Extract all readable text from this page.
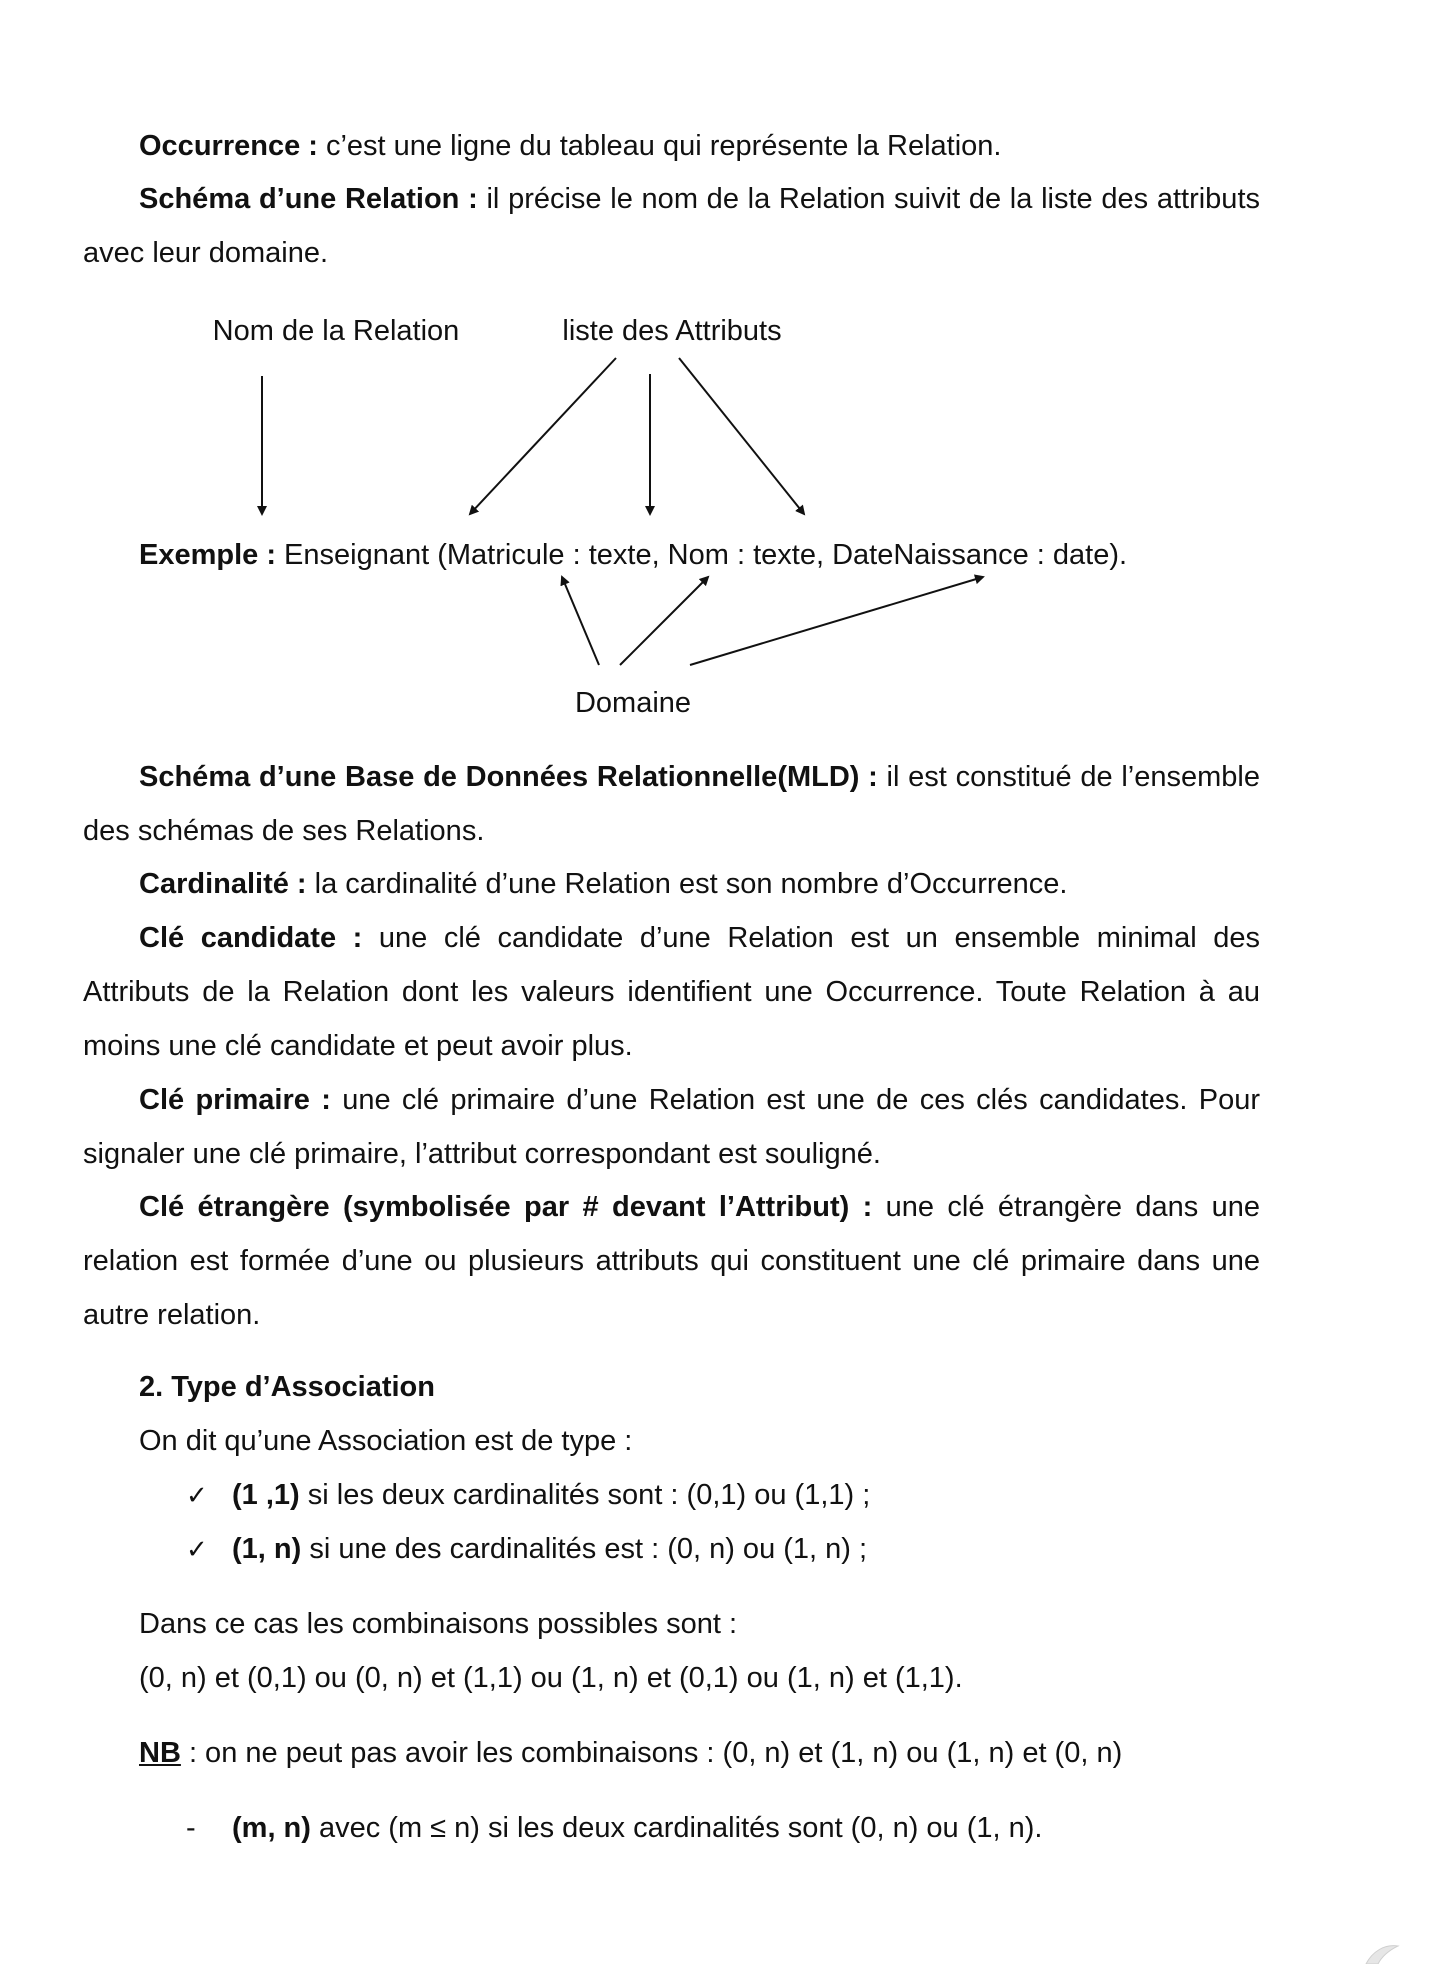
Occurrence : c’est une ligne du tableau qui représente la Relation.

Schéma d’une Relation : il précise le nom de la Relation suivit de la liste des attributs avec leur domaine.

Nom de la Relation	liste des Attributs
Domaine
Exemple : Enseignant (Matricule : texte, Nom : texte, DateNaissance : date).

Schéma d’une Base de Données Relationnelle(MLD) : il est constitué de l’ensemble des schémas de ses Relations.

Cardinalité : la cardinalité d’une Relation est son nombre d’Occurrence.

Clé candidate : une clé candidate d’une Relation est un ensemble minimal des Attributs de la Relation dont les valeurs identifient une Occurrence. Toute Relation à au moins une clé candidate et peut avoir plus.

Clé primaire : une clé primaire d’une Relation est une de ces clés candidates. Pour signaler une clé primaire, l’attribut correspondant est souligné.

Clé étrangère (symbolisée par # devant l’Attribut) : une clé étrangère dans une relation est formée d’une ou plusieurs attributs qui constituent une clé primaire dans une autre relation.

2. Type d’Association
On dit qu’une Association est de type :
✓ (1 ,1) si les deux cardinalités sont : (0,1) ou (1,1) ;
✓ (1, n) si une des cardinalités est : (0, n) ou (1, n) ;
Dans ce cas les combinaisons possibles sont :
(0, n) et (0,1) ou (0, n) et (1,1) ou (1, n) et (0,1) ou (1, n) et (1,1).
NB : on ne peut pas avoir les combinaisons : (0, n) et (1, n) ou (1, n) et (0, n)
- (m, n) avec (m ≤ n) si les deux cardinalités sont (0, n) ou (1, n).
